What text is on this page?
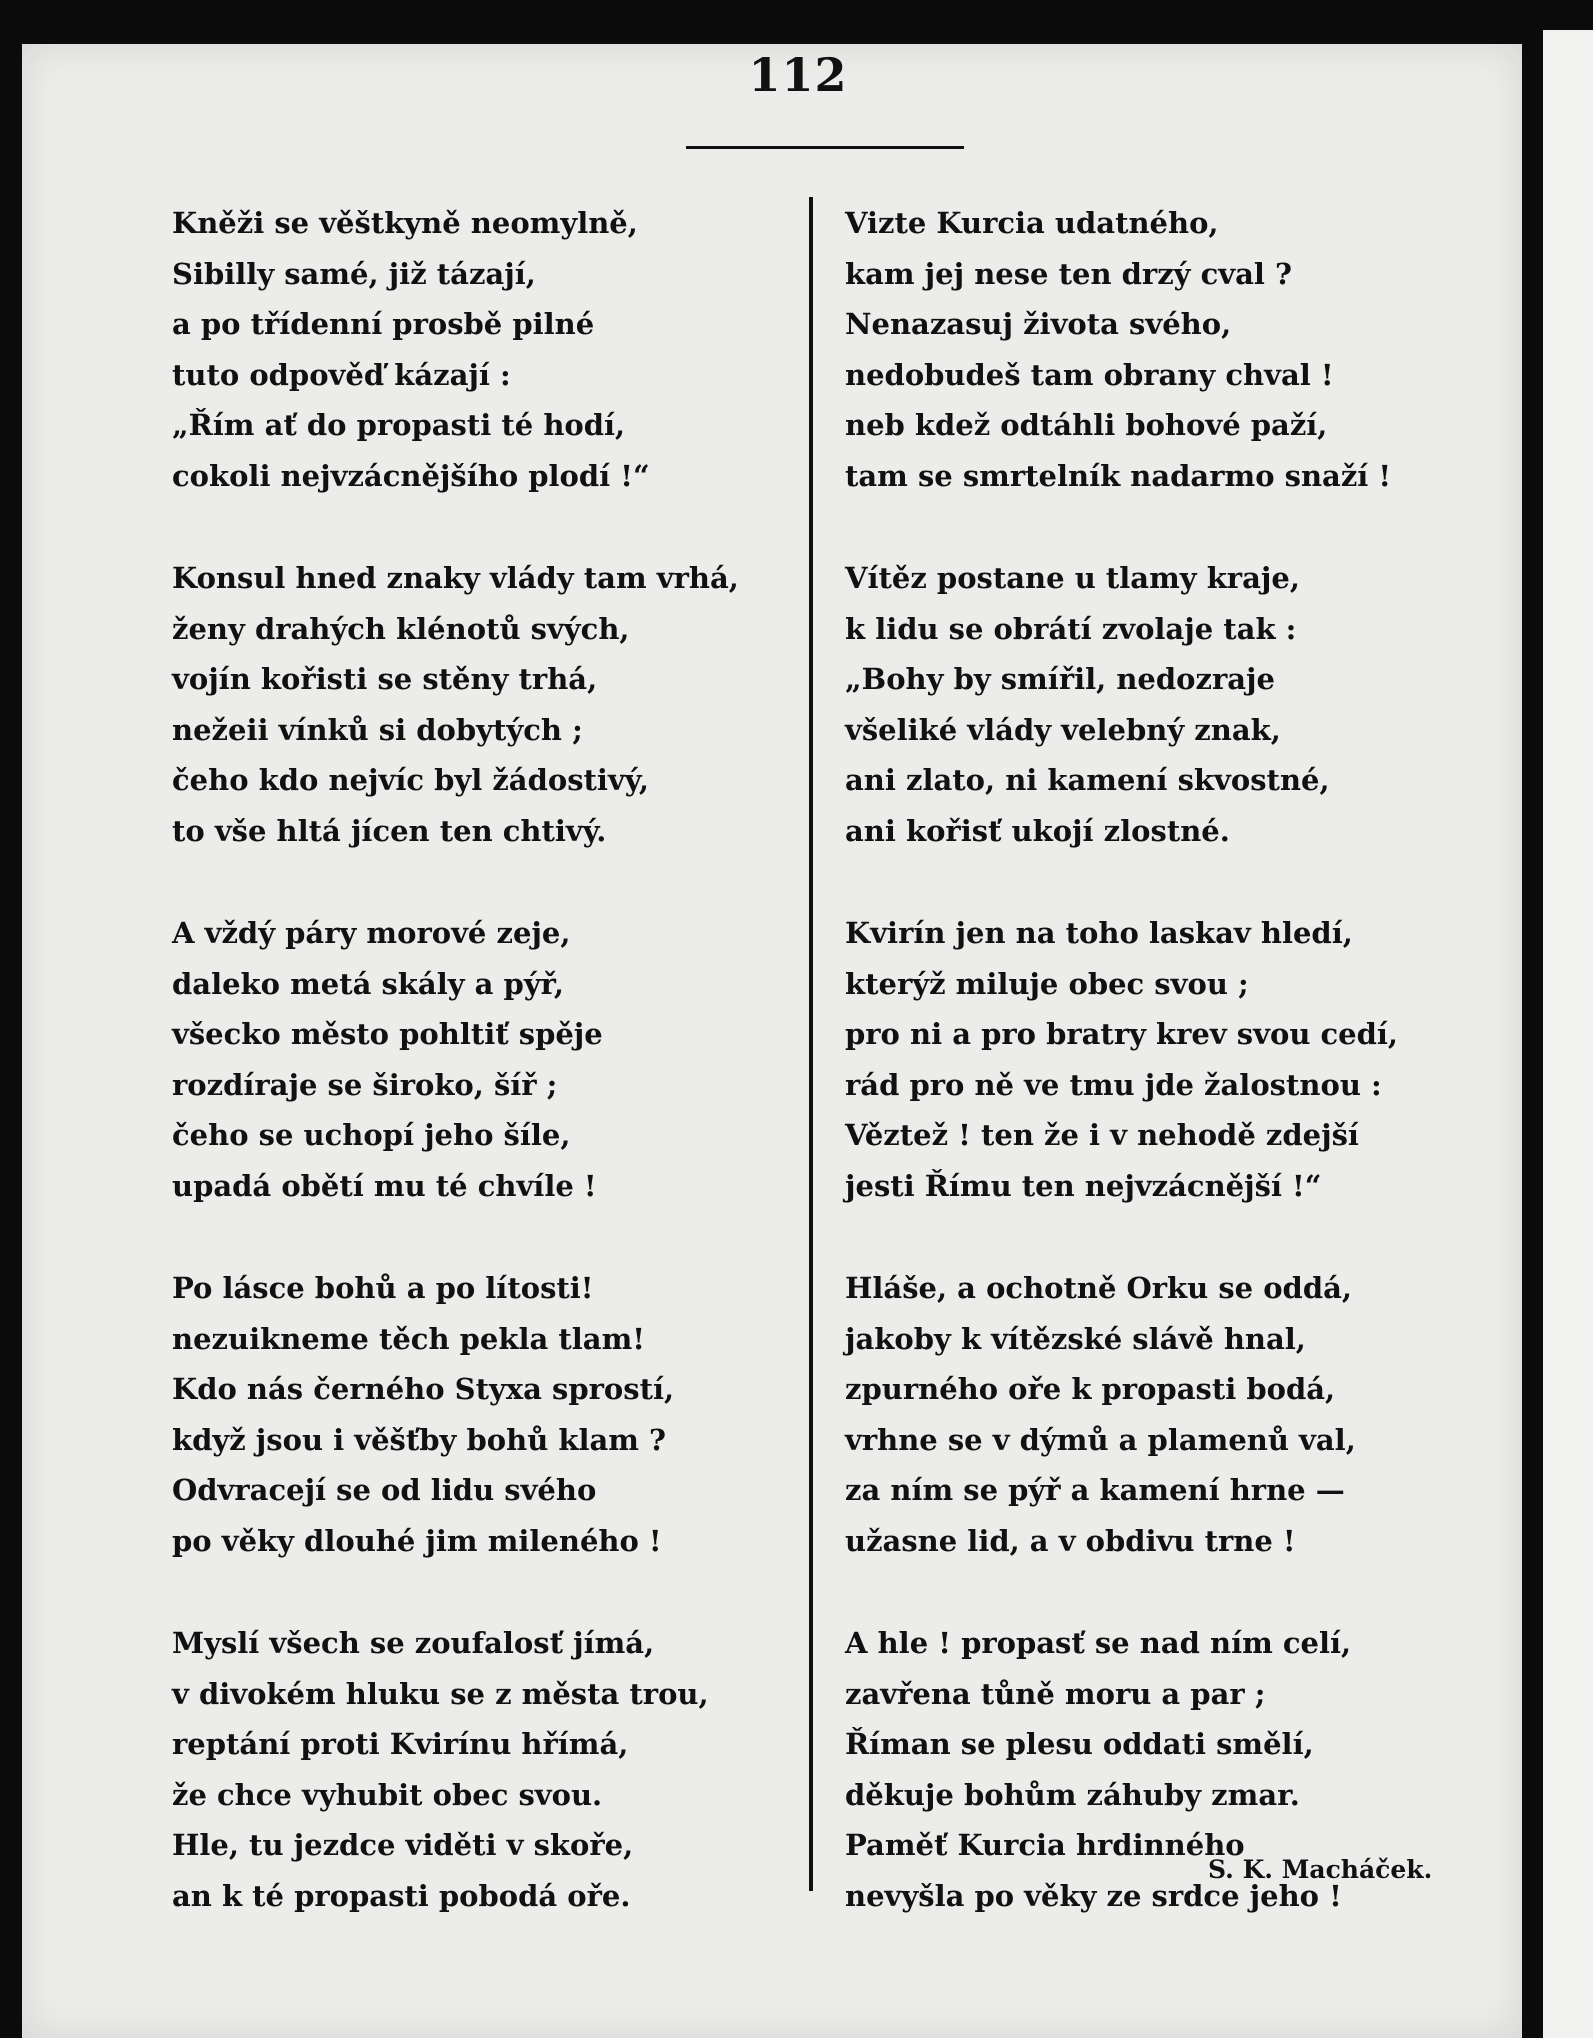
112
Kněži se věštkyně neomylně,
Sibilly samé, již tázají,
a po třídenní prosbě pilné
tuto odpověď kázají :
„Řím ať do propasti té hodí,
cokoli nejvzácnějšího plodí !“
Konsul hned znaky vlády tam vrhá,
ženy drahých klénotů svých,
vojín kořisti se stěny trhá,
nežeii vínků si dobytých ;
čeho kdo nejvíc byl žádostivý,
to vše hltá jícen ten chtivý.
A vždý páry morové zeje,
daleko metá skály a pýř,
všecko město pohltiť spěje
rozdíraje se široko, šíř ;
čeho se uchopí jeho šíle,
upadá obětí mu té chvíle !
Po lásce bohů a po lítosti!
nezuikneme těch pekla tlam!
Kdo nás černého Styxa sprostí,
když jsou i věšťby bohů klam ?
Odvracejí se od lidu svého
po věky dlouhé jim mileného !
Myslí všech se zoufalosť jímá,
v divokém hluku se z města trou,
reptání proti Kvirínu hřímá,
že chce vyhubit obec svou.
Hle, tu jezdce viděti v skoře,
an k té propasti pobodá oře.
Vizte Kurcia udatného,
kam jej nese ten drzý cval ?
Nenazasuj života svého,
nedobudeš tam obrany chval !
neb kdež odtáhli bohové paží,
tam se smrtelník nadarmo snaží !
Vítěz postane u tlamy kraje,
k lidu se obrátí zvolaje tak :
„Bohy by smířil, nedozraje
všeliké vlády velebný znak,
ani zlato, ni kamení skvostné,
ani kořisť ukojí zlostné.
Kvirín jen na toho laskav hledí,
kterýž miluje obec svou ;
pro ni a pro bratry krev svou cedí,
rád pro ně ve tmu jde žalostnou :
Věztež ! ten že i v nehodě zdejší
jesti Římu ten nejvzácnější !“
Hláše, a ochotně Orku se oddá,
jakoby k vítězské slávě hnal,
zpurného oře k propasti bodá,
vrhne se v dýmů a plamenů val,
za ním se pýř a kamení hrne —
užasne lid, a v obdivu trne !
A hle ! propasť se nad ním celí,
zavřena tůně moru a par ;
Říman se plesu oddati smělí,
děkuje bohům záhuby zmar.
Paměť Kurcia hrdinného
nevyšla po věky ze srdce jeho !
S. K. Macháček.
